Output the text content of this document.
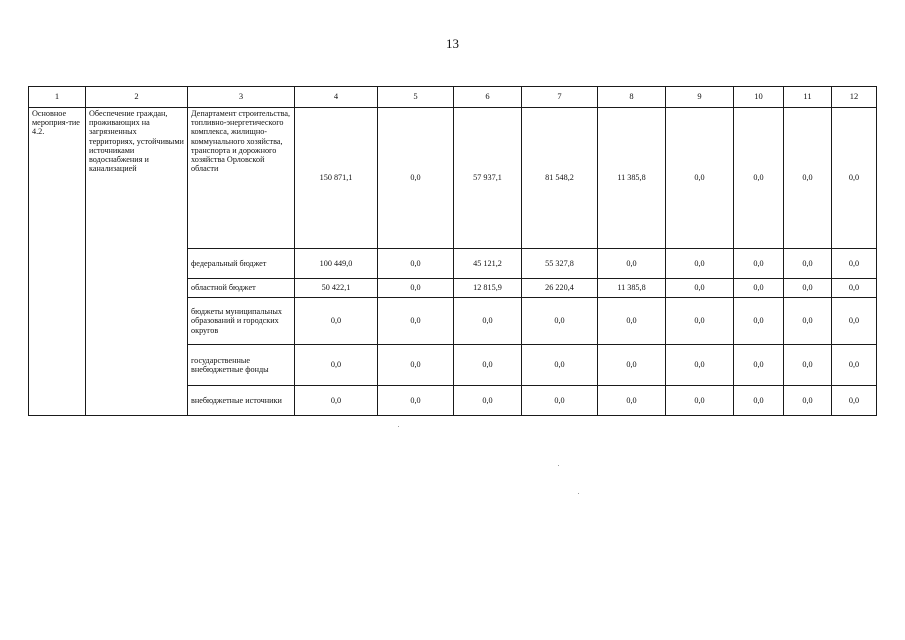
13
1	2	3	4	5	6	7	8	9	10	11	12
Основное мероприя-тие 4.2.	Обеспечение граждан, проживающих на загрязненных территориях, устойчивыми источниками водоснабжения и канализацией	Департамент строительства, топливно-энергетического комплекса, жилищно-коммунального хозяйства, транспорта и дорожного хозяйства Орловской области	150 871,1	0,0	57 937,1	81 548,2	11 385,8	0,0	0,0	0,0	0,0
		федеральный бюджет	100 449,0	0,0	45 121,2	55 327,8	0,0	0,0	0,0	0,0	0,0
		областной бюджет	50 422,1	0,0	12 815,9	26 220,4	11 385,8	0,0	0,0	0,0	0,0
		бюджеты муниципальных образований и городских округов	0,0	0,0	0,0	0,0	0,0	0,0	0,0	0,0	0,0
		государственные внебюджетные фонды	0,0	0,0	0,0	0,0	0,0	0,0	0,0	0,0	0,0
		внебюджетные источники	0,0	0,0	0,0	0,0	0,0	0,0	0,0	0,0	0,0
